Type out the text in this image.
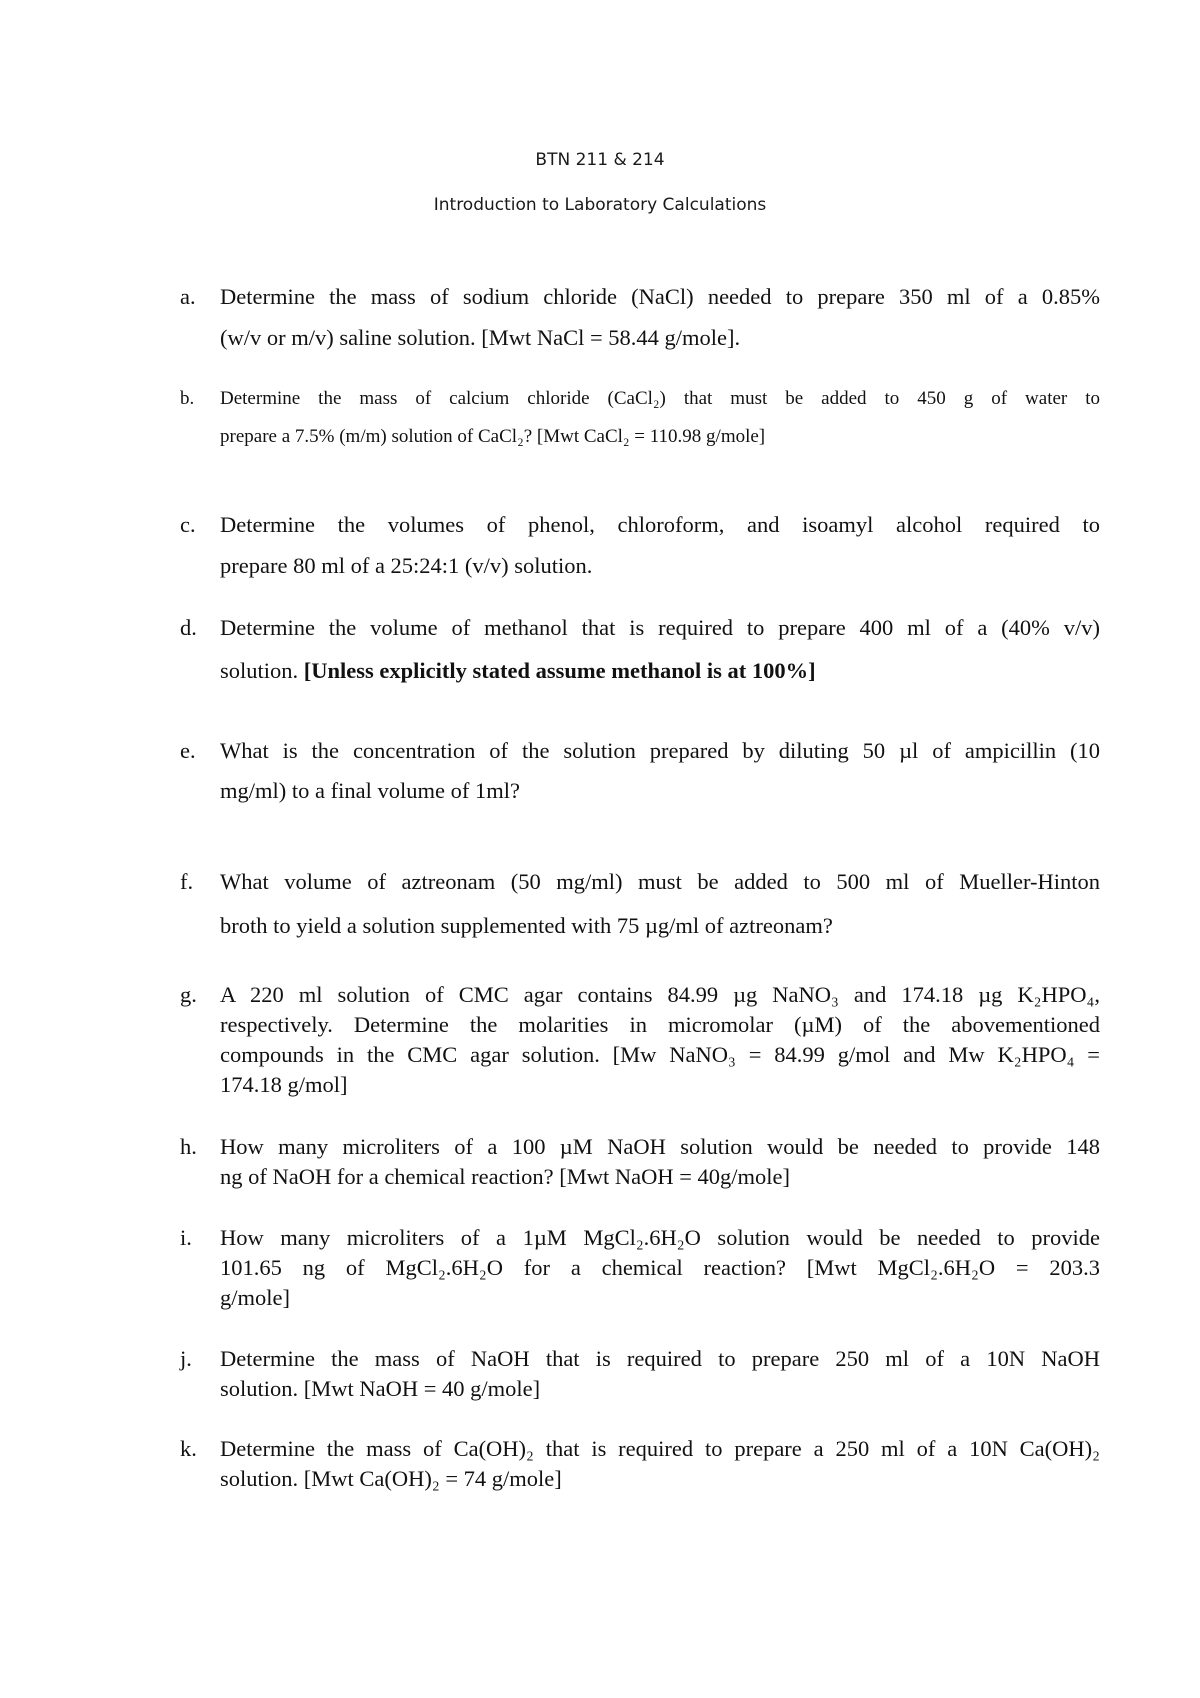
BTN 211 & 214
Introduction to Laboratory Calculations
a. Determine the mass of sodium chloride (NaCl) needed to prepare 350 ml of a 0.85%
(w/v or m/v) saline solution. [Mwt NaCl = 58.44 g/mole].
b. Determine the mass of calcium chloride (CaCl₂) that must be added to 450 g of water to
prepare a 7.5% (m/m) solution of CaCl₂? [Mwt CaCl₂ = 110.98 g/mole]
c. Determine the volumes of phenol, chloroform, and isoamyl alcohol required to
prepare 80 ml of a 25:24:1 (v/v) solution.
d. Determine the volume of methanol that is required to prepare 400 ml of a (40% v/v)
solution. [Unless explicitly stated assume methanol is at 100%]
e. What is the concentration of the solution prepared by diluting 50 µl of ampicillin (10
mg/ml) to a final volume of 1ml?
f. What volume of aztreonam (50 mg/ml) must be added to 500 ml of Mueller-Hinton
broth to yield a solution supplemented with 75 µg/ml of aztreonam?
g. A 220 ml solution of CMC agar contains 84.99 µg NaNO₃ and 174.18 µg K₂HPO₄,
respectively. Determine the molarities in micromolar (µM) of the abovementioned
compounds in the CMC agar solution. [Mw NaNO₃ = 84.99 g/mol and Mw K₂HPO₄ =
174.18 g/mol]
h. How many microliters of a 100 µM NaOH solution would be needed to provide 148
ng of NaOH for a chemical reaction? [Mwt NaOH = 40g/mole]
i. How many microliters of a 1µM MgCl₂.6H₂O solution would be needed to provide
101.65 ng of MgCl₂.6H₂O for a chemical reaction? [Mwt MgCl₂.6H₂O = 203.3
g/mole]
j. Determine the mass of NaOH that is required to prepare 250 ml of a 10N NaOH
solution. [Mwt NaOH = 40 g/mole]
k. Determine the mass of Ca(OH)₂ that is required to prepare a 250 ml of a 10N Ca(OH)₂
solution. [Mwt Ca(OH)₂ = 74 g/mole]
